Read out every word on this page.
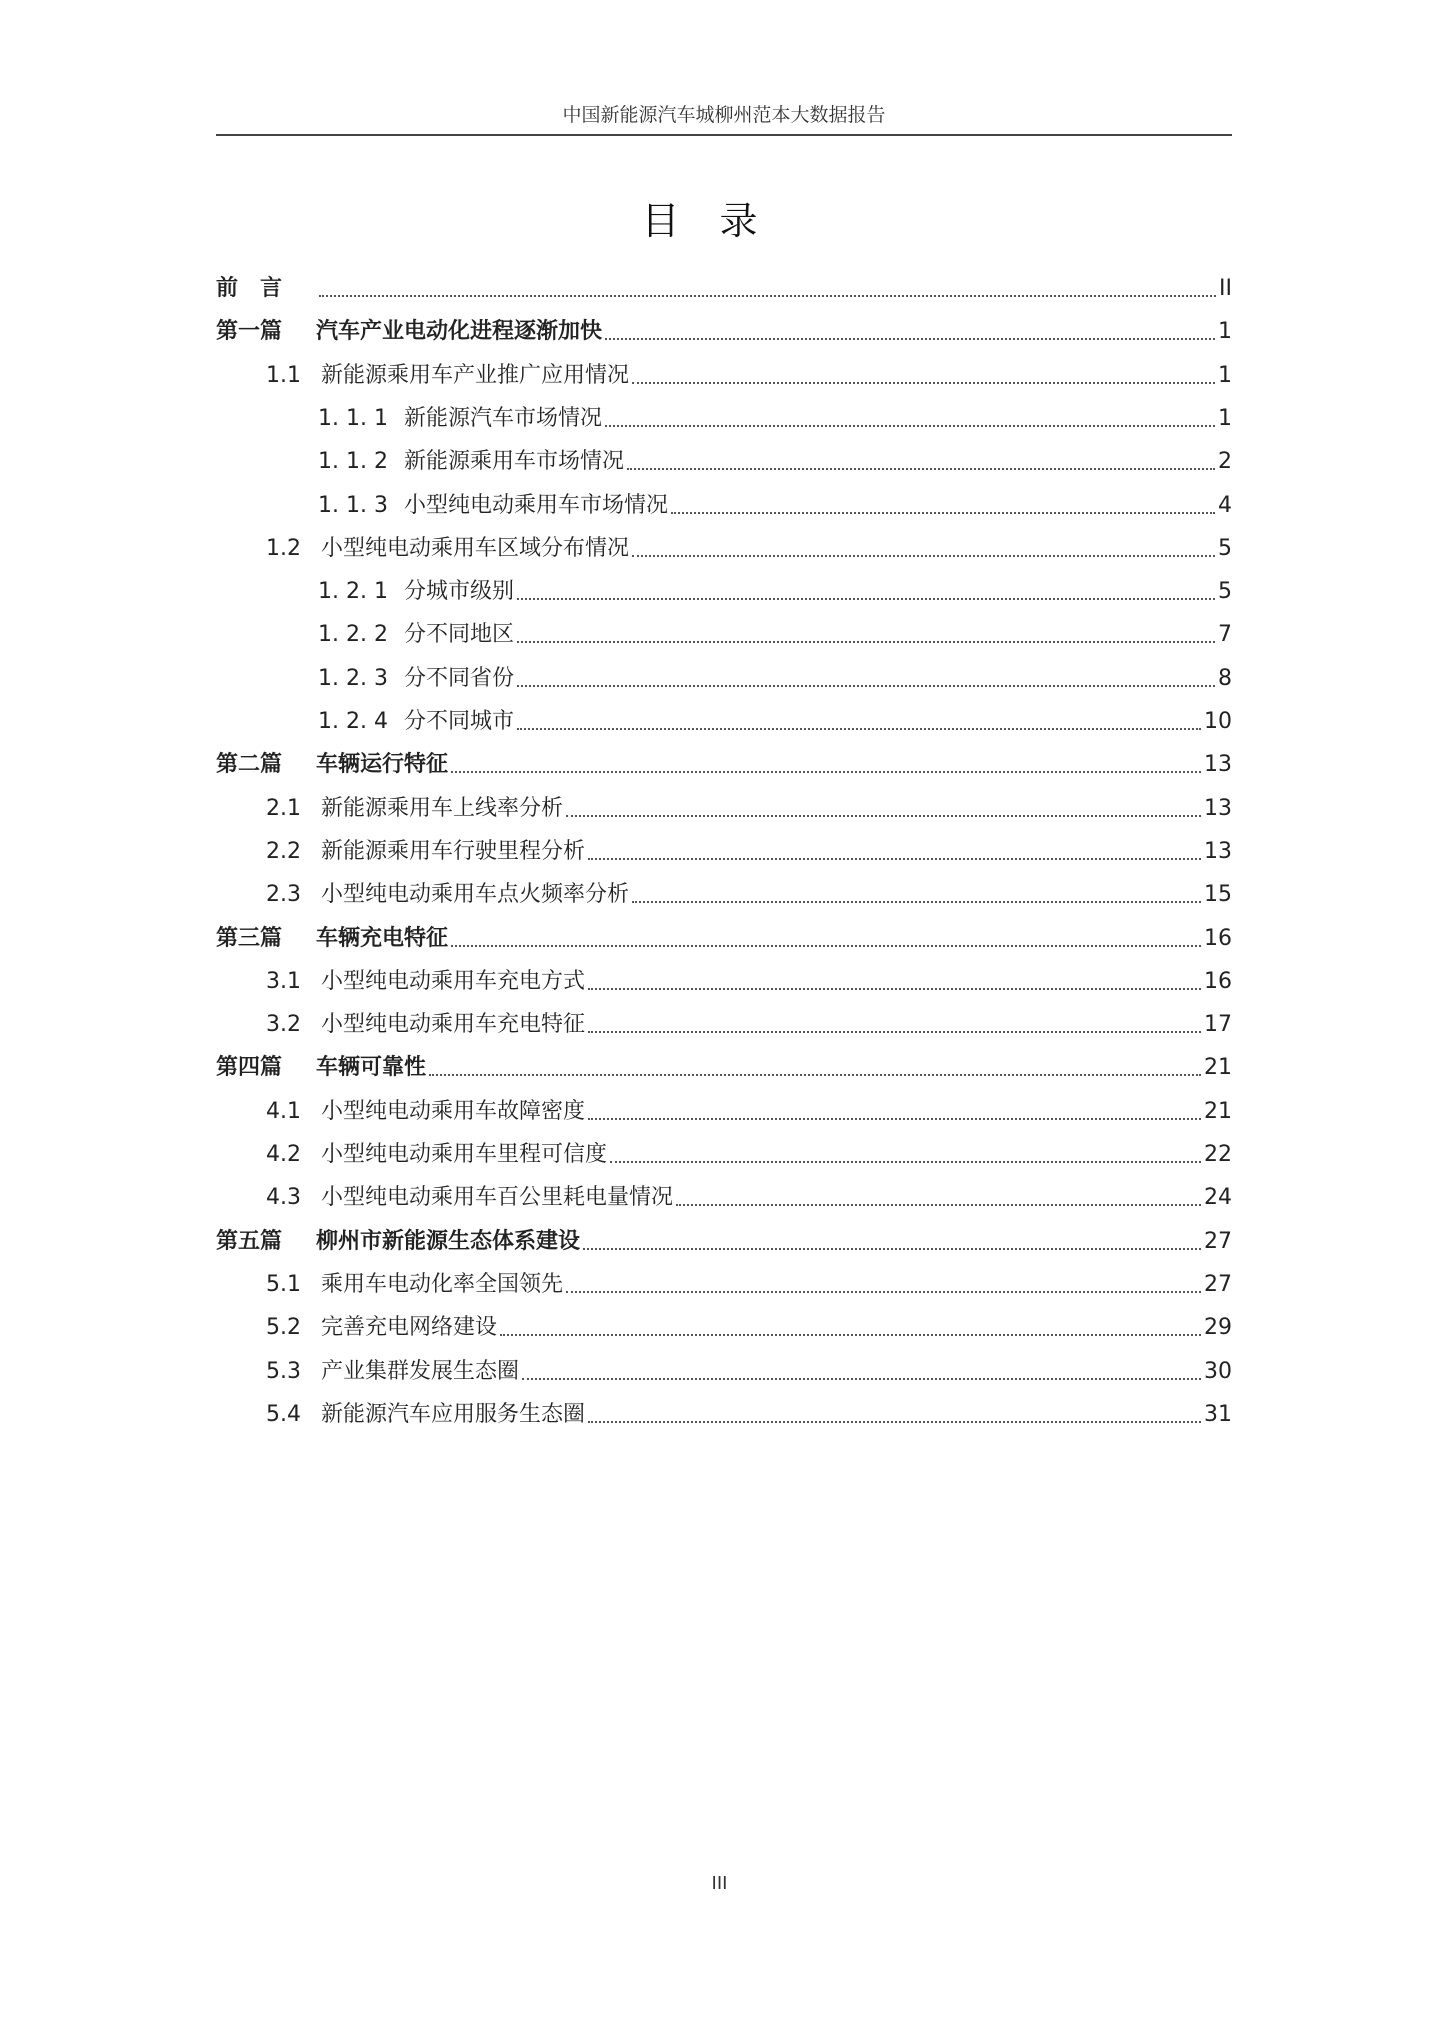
中国新能源汽车城柳州范本大数据报告
目录
前　言	II
第一篇	汽车产业电动化进程逐渐加快	1
1.1 新能源乘用车产业推广应用情况	1
1. 1. 1 新能源汽车市场情况	1
1. 1. 2 新能源乘用车市场情况	2
1. 1. 3 小型纯电动乘用车市场情况	4
1.2 小型纯电动乘用车区域分布情况	5
1. 2. 1 分城市级别	5
1. 2. 2 分不同地区	7
1. 2. 3 分不同省份	8
1. 2. 4 分不同城市	10
第二篇	车辆运行特征	13
2.1 新能源乘用车上线率分析	13
2.2 新能源乘用车行驶里程分析	13
2.3 小型纯电动乘用车点火频率分析	15
第三篇	车辆充电特征	16
3.1 小型纯电动乘用车充电方式	16
3.2 小型纯电动乘用车充电特征	17
第四篇	车辆可靠性	21
4.1 小型纯电动乘用车故障密度	21
4.2 小型纯电动乘用车里程可信度	22
4.3 小型纯电动乘用车百公里耗电量情况	24
第五篇	柳州市新能源生态体系建设	27
5.1 乘用车电动化率全国领先	27
5.2 完善充电网络建设	29
5.3 产业集群发展生态圈	30
5.4 新能源汽车应用服务生态圈	31
III
